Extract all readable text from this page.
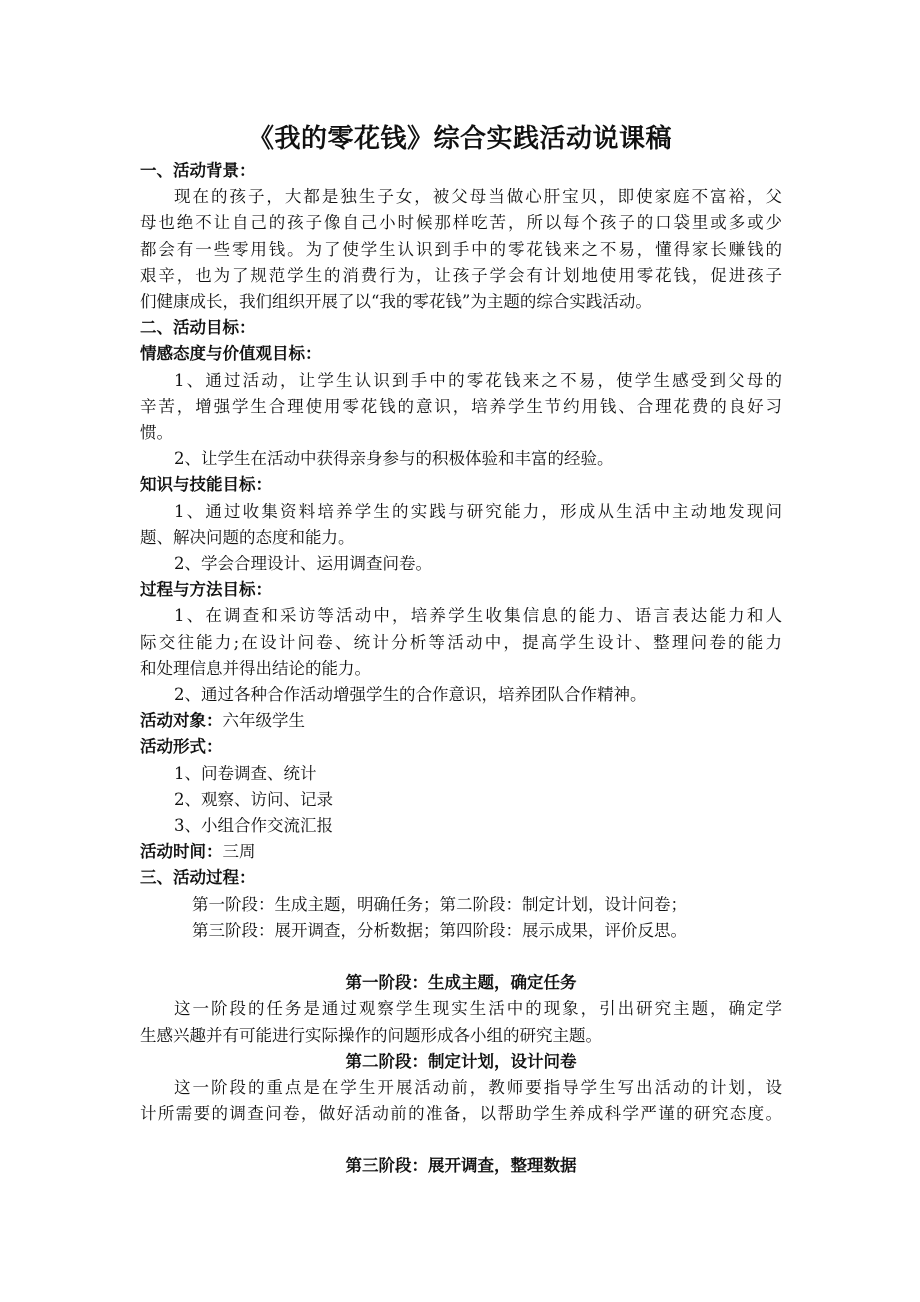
《我的零花钱》综合实践活动说课稿
一、活动背景：
现在的孩子，大都是独生子女，被父母当做心肝宝贝，即使家庭不富裕，父
母也绝不让自己的孩子像自己小时候那样吃苦，所以每个孩子的口袋里或多或少
都会有一些零用钱。为了使学生认识到手中的零花钱来之不易，懂得家长赚钱的
艰辛，也为了规范学生的消费行为，让孩子学会有计划地使用零花钱，促进孩子
们健康成长，我们组织开展了以“我的零花钱”为主题的综合实践活动。
二、活动目标：
情感态度与价值观目标：
1、通过活动，让学生认识到手中的零花钱来之不易，使学生感受到父母的
辛苦，增强学生合理使用零花钱的意识，培养学生节约用钱、合理花费的良好习
惯。
2、让学生在活动中获得亲身参与的积极体验和丰富的经验。
知识与技能目标：
1、通过收集资料培养学生的实践与研究能力，形成从生活中主动地发现问
题、解决问题的态度和能力。
2、学会合理设计、运用调查问卷。
过程与方法目标：
1、在调查和采访等活动中，培养学生收集信息的能力、语言表达能力和人
际交往能力;在设计问卷、统计分析等活动中，提高学生设计、整理问卷的能力
和处理信息并得出结论的能力。
2、通过各种合作活动增强学生的合作意识，培养团队合作精神。
活动对象：六年级学生
活动形式：
1、问卷调查、统计
2、观察、访问、记录
3、小组合作交流汇报
活动时间：三周
三、活动过程：
第一阶段：生成主题，明确任务；第二阶段：制定计划，设计问卷；
第三阶段：展开调查，分析数据；第四阶段：展示成果，评价反思。
第一阶段：生成主题，确定任务
这一阶段的任务是通过观察学生现实生活中的现象，引出研究主题，确定学
生感兴趣并有可能进行实际操作的问题形成各小组的研究主题。
第二阶段：制定计划，设计问卷
这一阶段的重点是在学生开展活动前，教师要指导学生写出活动的计划，设
计所需要的调查问卷，做好活动前的准备，以帮助学生养成科学严谨的研究态度。
第三阶段：展开调查，整理数据
